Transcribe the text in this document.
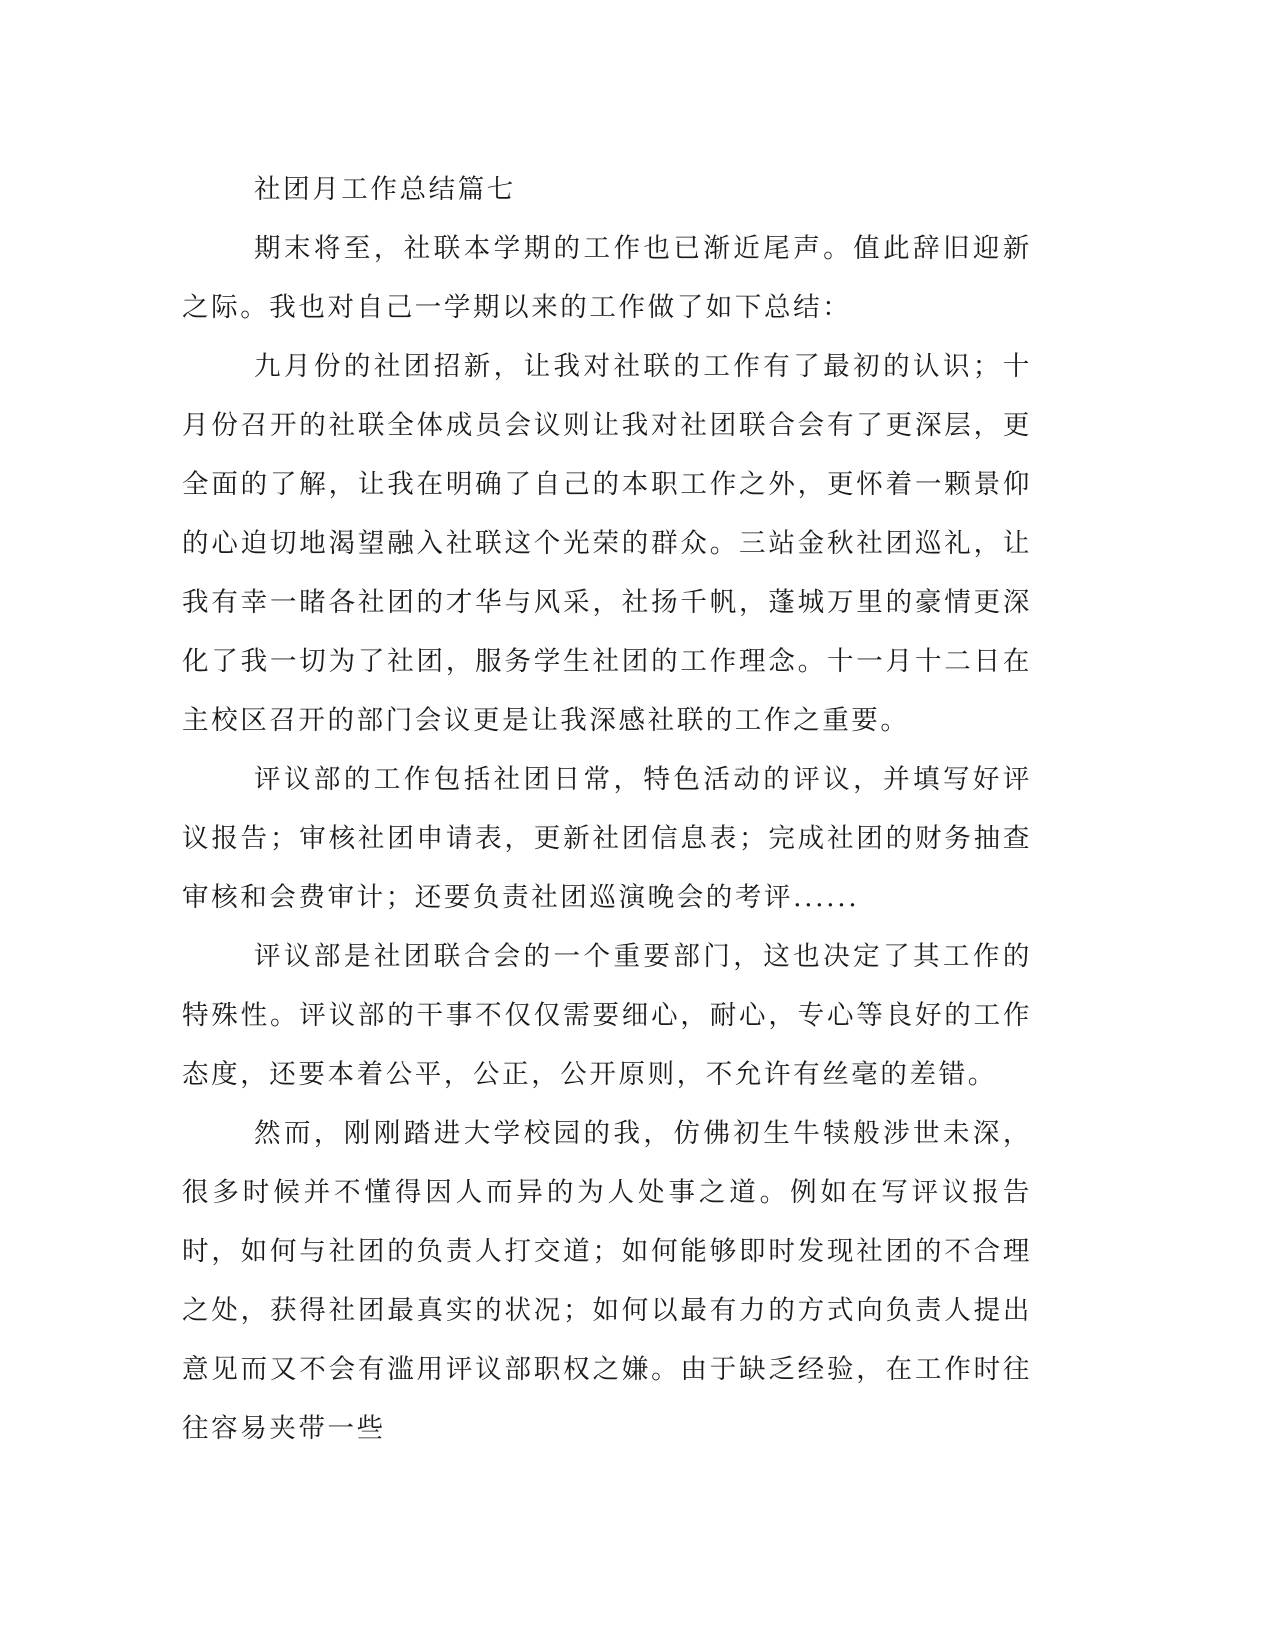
社团月工作总结篇七

期末将至，社联本学期的工作也已渐近尾声。值此辞旧迎新之际。我也对自己一学期以来的工作做了如下总结：

九月份的社团招新，让我对社联的工作有了最初的认识；十月份召开的社联全体成员会议则让我对社团联合会有了更深层，更全面的了解，让我在明确了自己的本职工作之外，更怀着一颗景仰的心迫切地渴望融入社联这个光荣的群众。三站金秋社团巡礼，让我有幸一睹各社团的才华与风采，社扬千帆，蓬城万里的豪情更深化了我一切为了社团，服务学生社团的工作理念。十一月十二日在主校区召开的部门会议更是让我深感社联的工作之重要。

评议部的工作包括社团日常，特色活动的评议，并填写好评议报告；审核社团申请表，更新社团信息表；完成社团的财务抽查审核和会费审计；还要负责社团巡演晚会的考评......

评议部是社团联合会的一个重要部门，这也决定了其工作的特殊性。评议部的干事不仅仅需要细心，耐心，专心等良好的工作态度，还要本着公平，公正，公开原则，不允许有丝毫的差错。

然而，刚刚踏进大学校园的我，仿佛初生牛犊般涉世未深，很多时候并不懂得因人而异的为人处事之道。例如在写评议报告时，如何与社团的负责人打交道；如何能够即时发现社团的不合理之处，获得社团最真实的状况；如何以最有力的方式向负责人提出意见而又不会有滥用评议部职权之嫌。由于缺乏经验，在工作时往往容易夹带一些
